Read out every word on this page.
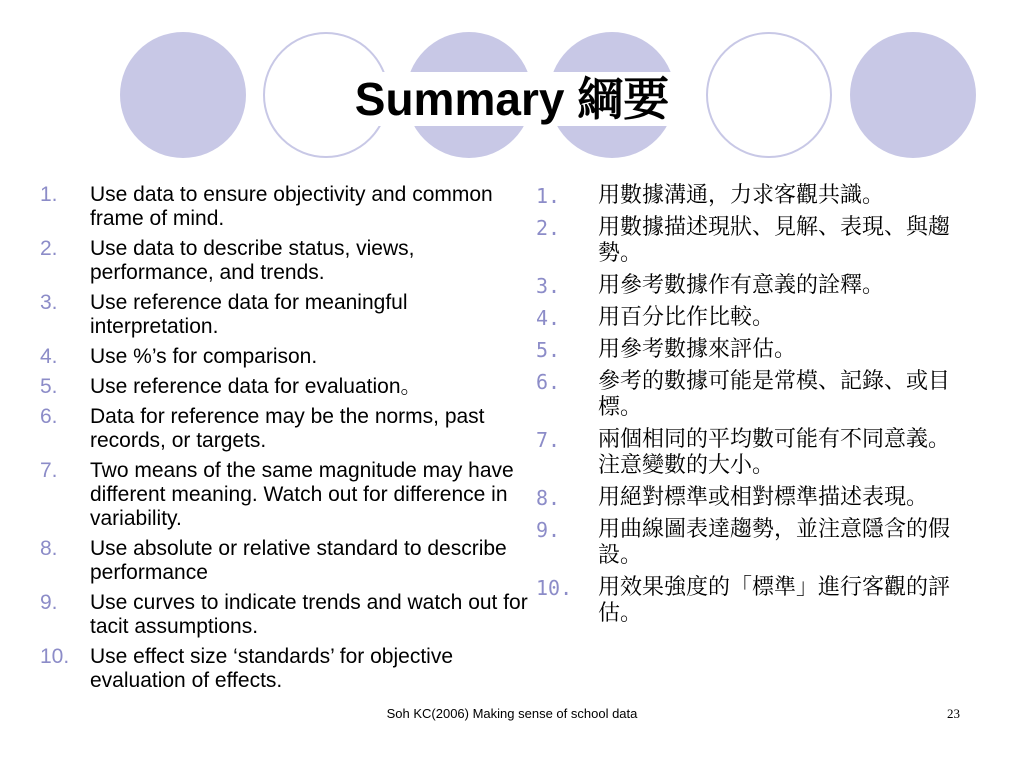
Summary 綱要
1.	Use data to ensure objectivity and common frame of mind.
2.	Use data to describe status, views, performance, and trends.
3.	Use reference data for meaningful interpretation.
4.	Use %’s for comparison.
5.	Use reference data for evaluation。
6.	Data for reference may be the norms, past records, or targets.
7.	Two means of the same magnitude may have different meaning. Watch out for difference in variability.
8.	Use absolute or relative standard to describe performance
9.	Use curves to indicate trends and watch out for tacit assumptions.
10. Use effect size ‘standards’ for objective evaluation of effects.
1.	用數據溝通，力求客觀共識。
2.	用數據描述現狀、見解、表現、與趨勢。
3.	用參考數據作有意義的詮釋。
4.	用百分比作比較。
5.	用參考數據來評估。
6.	參考的數據可能是常模、記錄、或目標。
7.	兩個相同的平均數可能有不同意義。注意變數的大小。
8.	用絕對標準或相對標準描述表現。
9.	用曲線圖表達趨勢，並注意隱含的假設。
10.	用效果強度的「標準」進行客觀的評估。
Soh KC(2006) Making sense of school data	23
